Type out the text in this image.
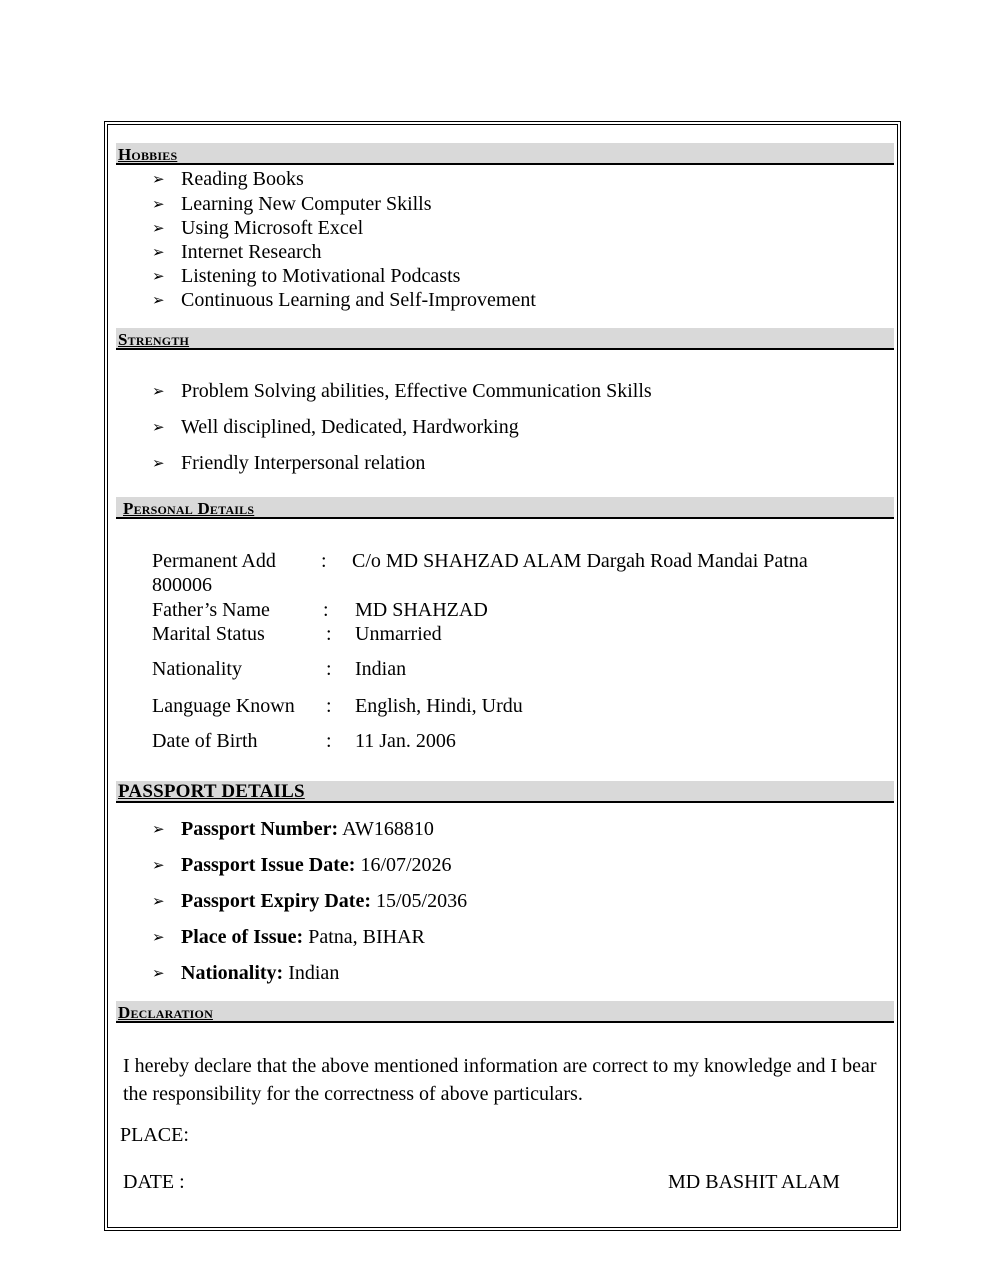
Hobbies
➢ Reading Books
➢ Learning New Computer Skills
➢ Using Microsoft Excel
➢ Internet Research
➢ Listening to Motivational Podcasts
➢ Continuous Learning and Self-Improvement
Strength
➢ Problem Solving abilities, Effective Communication Skills
➢ Well disciplined, Dedicated, Hardworking
➢ Friendly Interpersonal relation
Personal Details
Permanent Add : C/o MD SHAHZAD ALAM Dargah Road Mandai Patna
800006
Father’s Name	: MD SHAHZAD
Marital Status	: Unmarried
Nationality	: Indian
Language Known : English, Hindi, Urdu
Date of Birth	: 11 Jan. 2006
PASSPORT DETAILS
➢ Passport Number: AW168810
➢ Passport Issue Date: 16/07/2026
➢ Passport Expiry Date: 15/05/2036
➢ Place of Issue: Patna, BIHAR
➢ Nationality: Indian
Declaration
I hereby declare that the above mentioned information are correct to my knowledge and I bear the responsibility for the correctness of above particulars.
PLACE:
DATE :	MD BASHIT ALAM
